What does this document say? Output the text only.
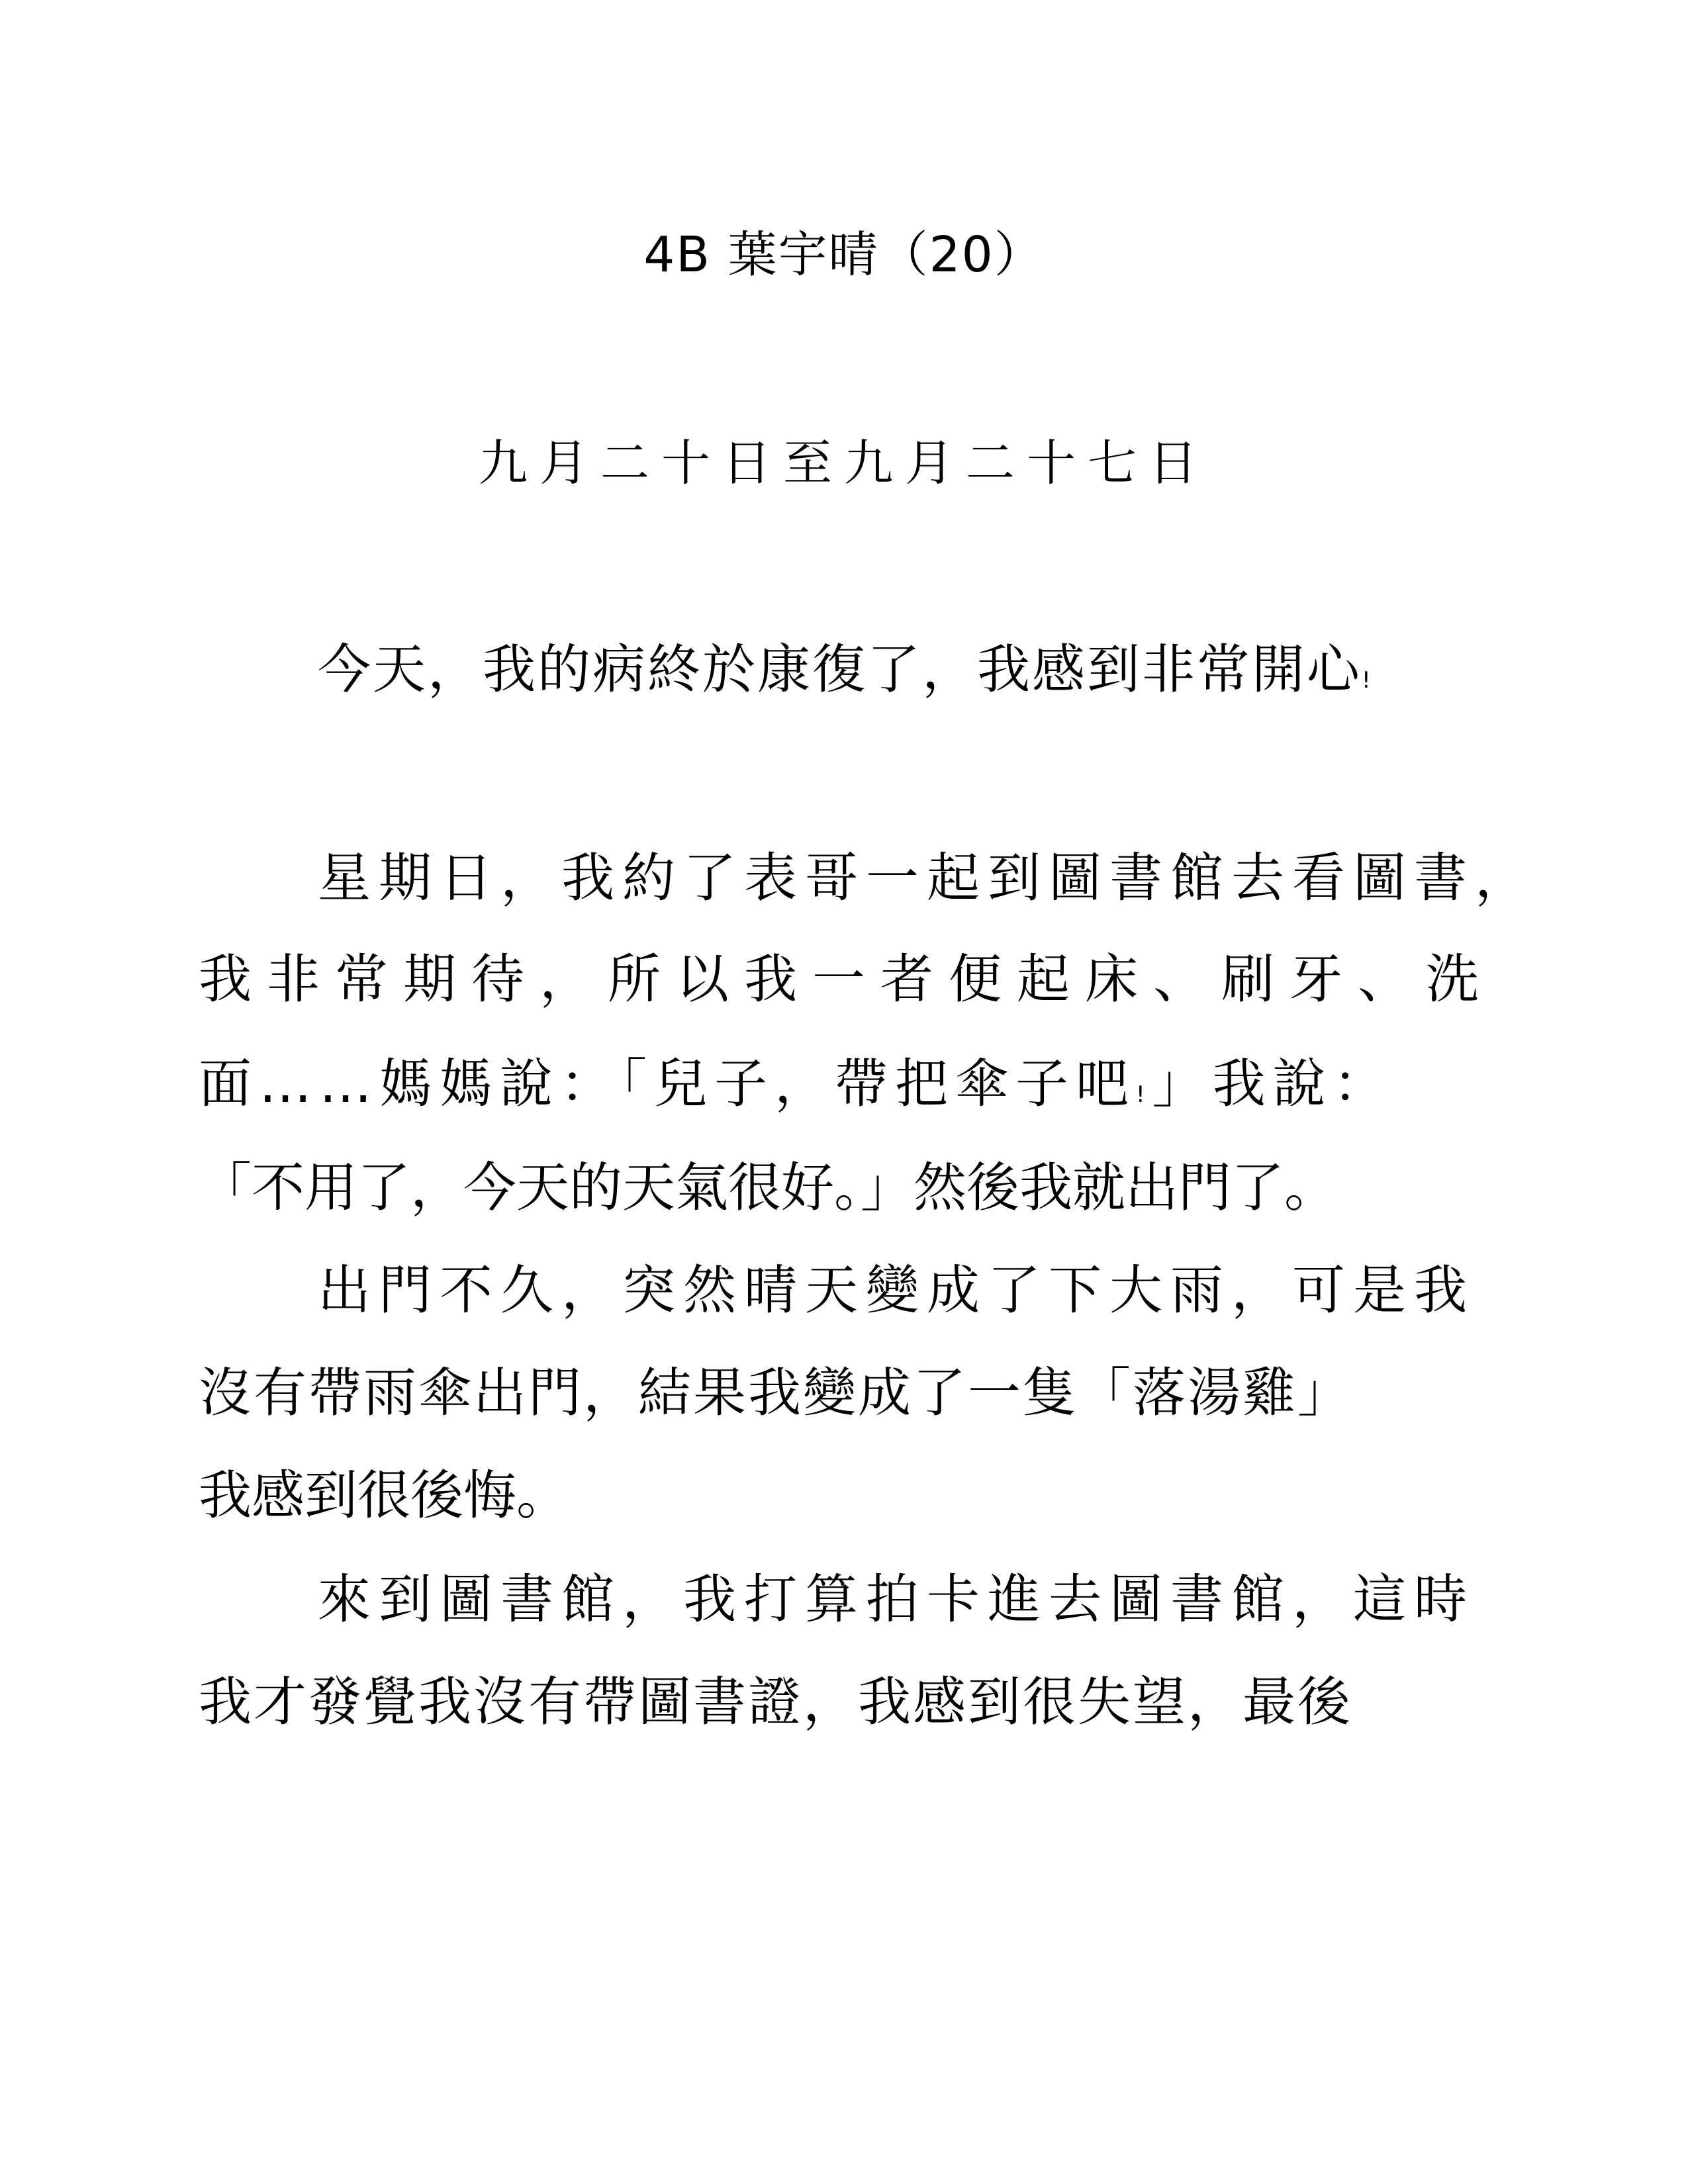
4B 葉宇晴（20）
九月二十日至九月二十七日
今天，我的病終於康復了，我感到非常開心!
星期日，我約了表哥一起到圖書館去看圖書，
我非常期待，所以我一者便起床、刷牙、洗
面……媽媽說：「兒子，帶把傘子吧!」我說：
「不用了，今天的天氣很好。」然後我就出門了。
出門不久，突然晴天變成了下大雨，可是我
沒有帶雨傘出門，結果我變成了一隻「落湯雞」
我感到很後悔。
來到圖書館，我打算拍卡進去圖書館，這時
我才發覺我沒有帶圖書證，我感到很失望，最後
